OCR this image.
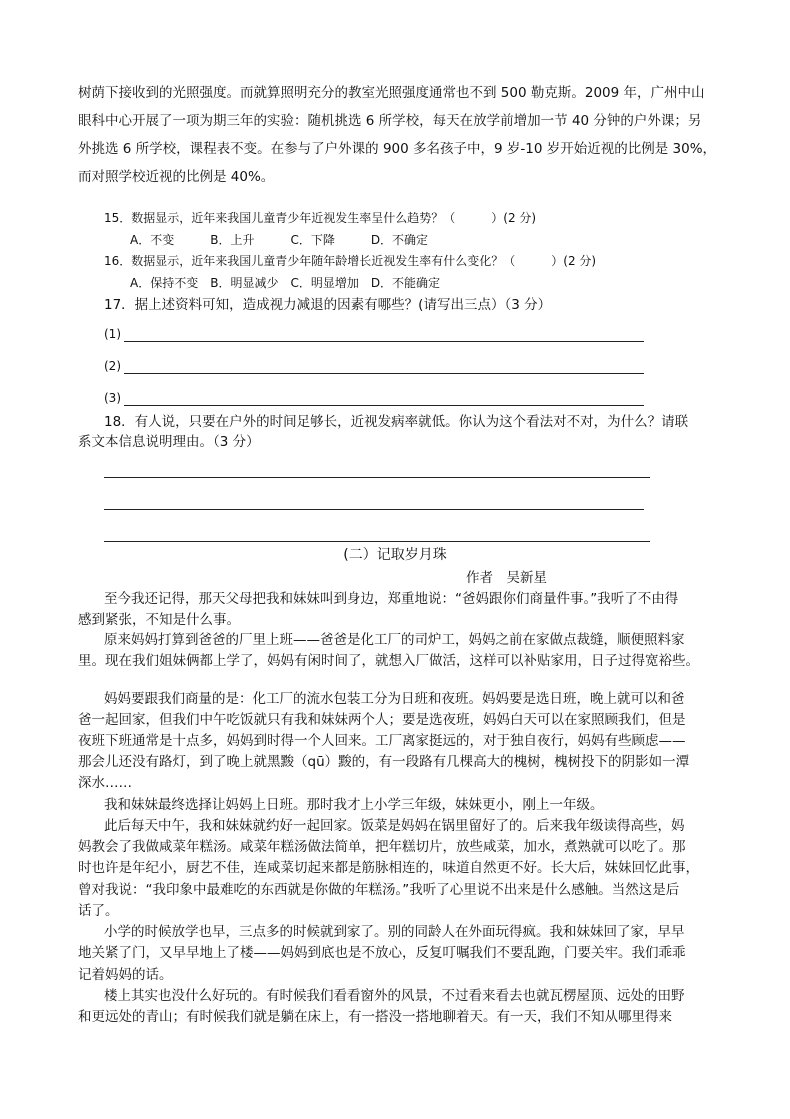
树荫下接收到的光照强度。而就算照明充分的教室光照强度通常也不到 500 勒克斯。2009 年，广州中山
眼科中心开展了一项为期三年的实验：随机挑选 6 所学校，每天在放学前增加一节 40 分钟的户外课；另
外挑选 6 所学校，课程表不变。在参与了户外课的 900 多名孩子中，9 岁-10 岁开始近视的比例是 30%，
而对照学校近视的比例是 40%。
15．数据显示，近年来我国儿童青少年近视发生率呈什么趋势？（　　　）(2 分)
A．不变　　　B．上升　　　C．下降　　　D．不确定
16．数据显示，近年来我国儿童青少年随年龄增长近视发生率有什么变化？（　　　）(2 分)
A．保持不变　B．明显减少　C．明显增加　D．不能确定
17．据上述资料可知，造成视力减退的因素有哪些？(请写出三点）（3 分）
(1)
(2)
(3)
18．有人说，只要在户外的时间足够长，近视发病率就低。你认为这个看法对不对，为什么？请联
系文本信息说明理由。（3 分）
(二）记取岁月珠
作者　吴新星
至今我还记得，那天父母把我和妹妹叫到身边，郑重地说：“爸妈跟你们商量件事。”我听了不由得
感到紧张，不知是什么事。
原来妈妈打算到爸爸的厂里上班——爸爸是化工厂的司炉工，妈妈之前在家做点裁缝，顺便照料家
里。现在我们姐妹俩都上学了，妈妈有闲时间了，就想入厂做活，这样可以补贴家用，日子过得宽裕些。
妈妈要跟我们商量的是：化工厂的流水包装工分为日班和夜班。妈妈要是选日班，晚上就可以和爸
爸一起回家，但我们中午吃饭就只有我和妹妹两个人；要是选夜班，妈妈白天可以在家照顾我们，但是
夜班下班通常是十点多，妈妈到时得一个人回来。工厂离家挺远的，对于独自夜行，妈妈有些顾虑——
那会儿还没有路灯，到了晚上就黑黢（qū）黢的，有一段路有几棵高大的槐树，槐树投下的阴影如一潭
深水……
我和妹妹最终选择让妈妈上日班。那时我才上小学三年级，妹妹更小，刚上一年级。
此后每天中午，我和妹妹就约好一起回家。饭菜是妈妈在锅里留好了的。后来我年级读得高些，妈
妈教会了我做咸菜年糕汤。咸菜年糕汤做法简单，把年糕切片，放些咸菜，加水，煮熟就可以吃了。那
时也许是年纪小，厨艺不佳，连咸菜切起来都是筋脉相连的，味道自然更不好。长大后，妹妹回忆此事，
曾对我说：“我印象中最难吃的东西就是你做的年糕汤。”我听了心里说不出来是什么感触。当然这是后
话了。
小学的时候放学也早，三点多的时候就到家了。别的同龄人在外面玩得疯。我和妹妹回了家，早早
地关紧了门，又早早地上了楼——妈妈到底也是不放心，反复叮嘱我们不要乱跑，门要关牢。我们乖乖
记着妈妈的话。
楼上其实也没什么好玩的。有时候我们看看窗外的风景，不过看来看去也就瓦楞屋顶、远处的田野
和更远处的青山；有时候我们就是躺在床上，有一搭没一搭地聊着天。有一天，我们不知从哪里得来
